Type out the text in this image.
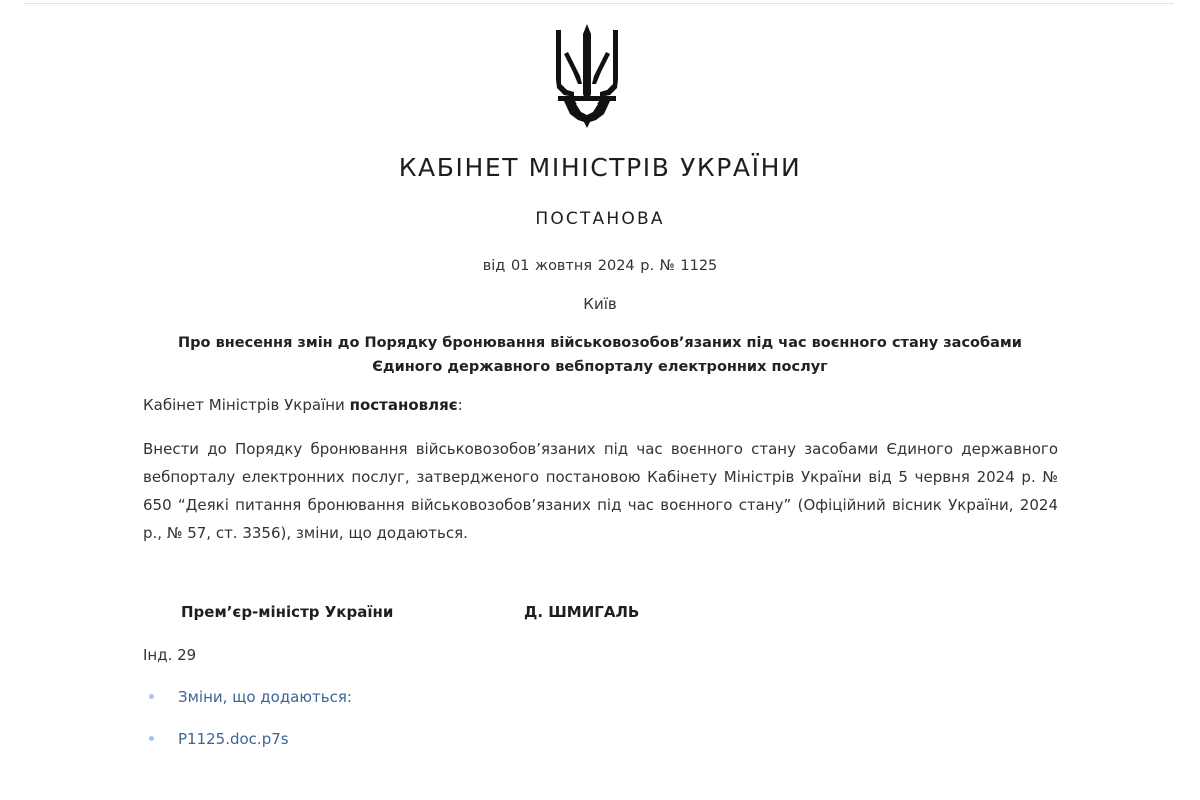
КАБІНЕТ МІНІСТРІВ УКРАЇНИ
ПОСТАНОВА
від 01 жовтня 2024 р. № 1125
Київ
Про внесення змін до Порядку бронювання військовозобов’язаних під час воєнного стану засобами
Єдиного державного вебпорталу електронних послуг
Кабінет Міністрів України постановляє:
Внести до Порядку бронювання військовозобов’язаних під час воєнного стану засобами Єдиного державного вебпорталу електронних послуг, затвердженого постановою Кабінету Міністрів України від 5 червня 2024 р. № 650 “Деякі питання бронювання військовозобов’язаних під час воєнного стану” (Офіційний вісник України, 2024 р., № 57, ст. 3356), зміни, що додаються.
Прем’єр-міністр України	Д. ШМИГАЛЬ
Інд. 29
Зміни, що додаються:
P1125.doc.p7s
